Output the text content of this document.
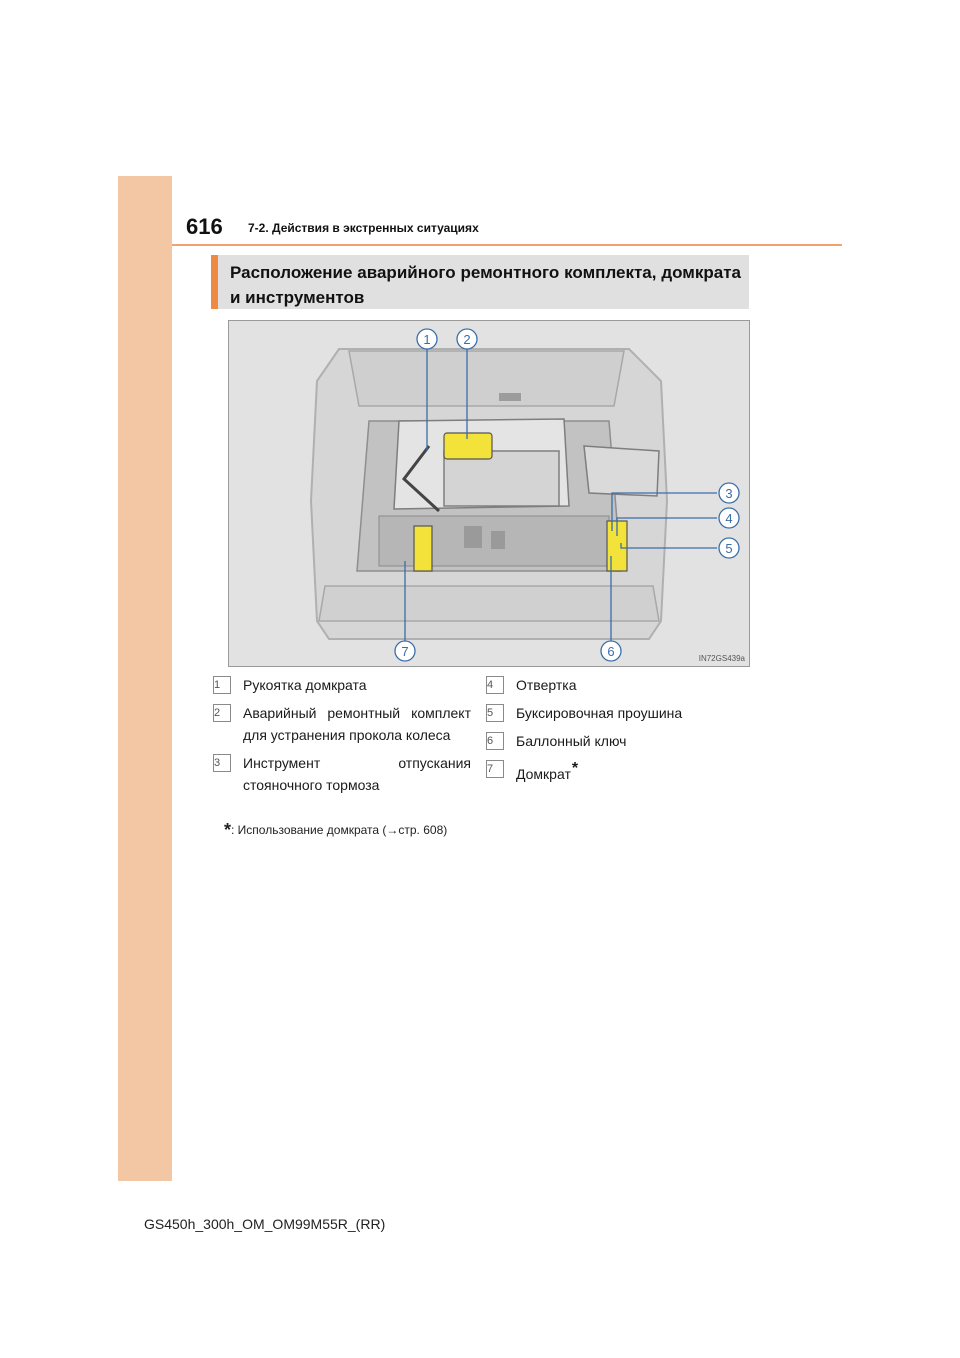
616 7-2. Действия в экстренных ситуациях
Расположение аварийного ремонтного комплекта, домкрата и инструментов
1	2
3
4
5
6
7	IN72GS439a
1	Рукоятка домкрата
2	Аварийный ремонтный комплект для устранения прокола колеса
3	Инструмент отпускания стояночного тормоза
4	Отвертка
5	Буксировочная проушина
6	Баллонный ключ
7	Домкрат*
*: Использование домкрата (→стр. 608)
GS450h_300h_OM_OM99M55R_(RR)
